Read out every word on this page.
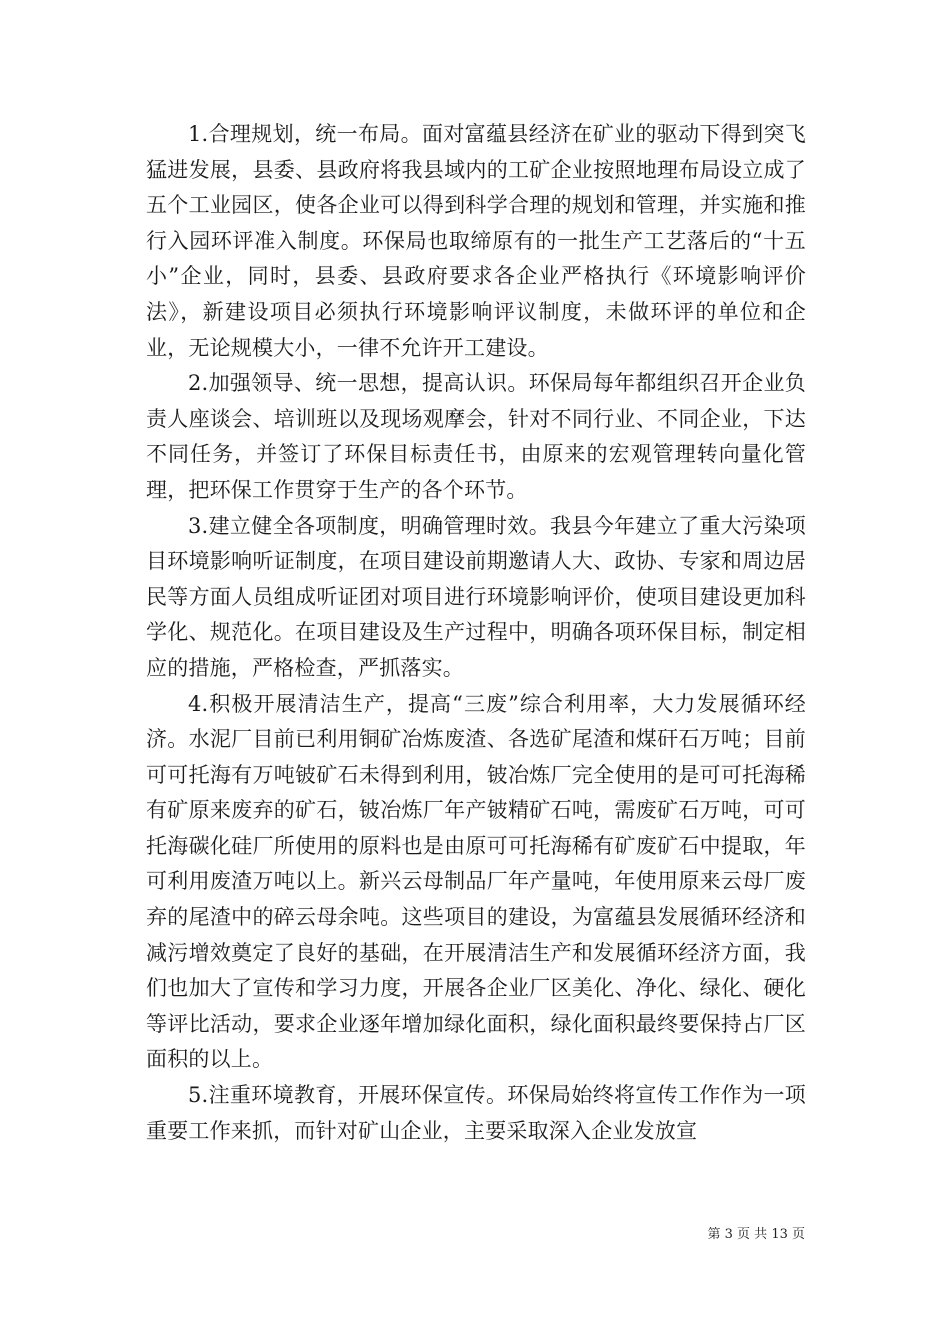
1.合理规划，统一布局。面对富蕴县经济在矿业的驱动下得到突飞猛进发展，县委、县政府将我县域内的工矿企业按照地理布局设立成了五个工业园区，使各企业可以得到科学合理的规划和管理，并实施和推行入园环评准入制度。环保局也取缔原有的一批生产工艺落后的“十五小”企业，同时，县委、县政府要求各企业严格执行《环境影响评价法》，新建设项目必须执行环境影响评议制度，未做环评的单位和企业，无论规模大小，一律不允许开工建设。

2.加强领导、统一思想，提高认识。环保局每年都组织召开企业负责人座谈会、培训班以及现场观摩会，针对不同行业、不同企业，下达不同任务，并签订了环保目标责任书，由原来的宏观管理转向量化管理，把环保工作贯穿于生产的各个环节。

3.建立健全各项制度，明确管理时效。我县今年建立了重大污染项目环境影响听证制度，在项目建设前期邀请人大、政协、专家和周边居民等方面人员组成听证团对项目进行环境影响评价，使项目建设更加科学化、规范化。在项目建设及生产过程中，明确各项环保目标，制定相应的措施，严格检查，严抓落实。

4.积极开展清洁生产，提高“三废”综合利用率，大力发展循环经济。水泥厂目前已利用铜矿冶炼废渣、各选矿尾渣和煤矸石万吨；目前可可托海有万吨铍矿石未得到利用，铍冶炼厂完全使用的是可可托海稀有矿原来废弃的矿石，铍冶炼厂年产铍精矿石吨，需废矿石万吨，可可托海碳化硅厂所使用的原料也是由原可可托海稀有矿废矿石中提取，年可利用废渣万吨以上。新兴云母制品厂年产量吨，年使用原来云母厂废弃的尾渣中的碎云母余吨。这些项目的建设，为富蕴县发展循环经济和减污增效奠定了良好的基础，在开展清洁生产和发展循环经济方面，我们也加大了宣传和学习力度，开展各企业厂区美化、净化、绿化、硬化等评比活动，要求企业逐年增加绿化面积，绿化面积最终要保持占厂区面积的以上。

5.注重环境教育，开展环保宣传。环保局始终将宣传工作作为一项重要工作来抓，而针对矿山企业，主要采取深入企业发放宣

第 3 页 共 13 页
